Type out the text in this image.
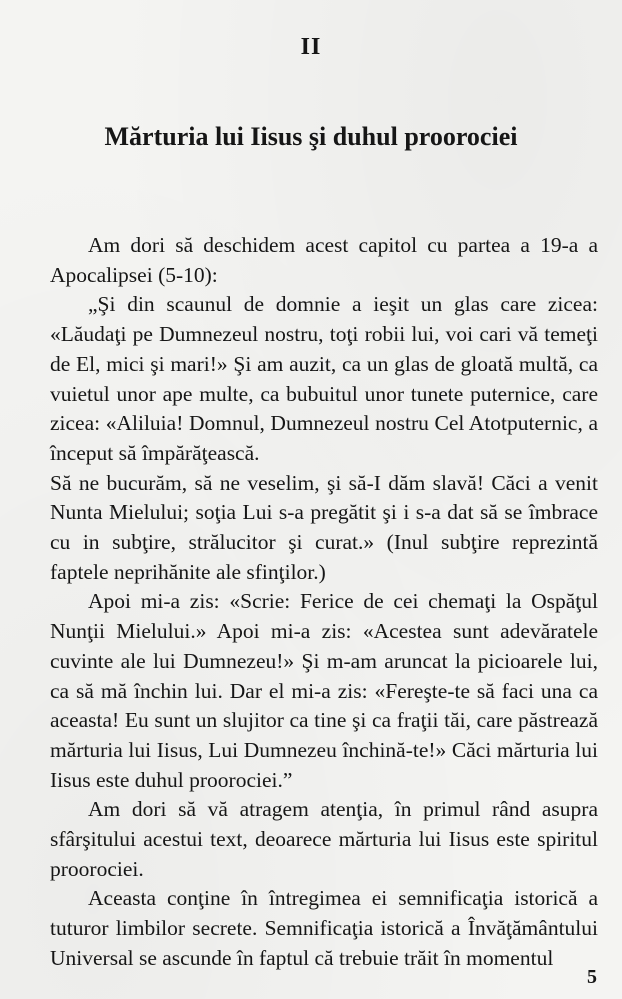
II
Mărturia lui Iisus şi duhul proorociei

Am dori să deschidem acest capitol cu partea a 19-a a Apocalipsei (5-10):

„Şi din scaunul de domnie a ieşit un glas care zicea: «Lăudaţi pe Dumnezeul nostru, toţi robii lui, voi cari vă temeţi de El, mici şi mari!» Şi am auzit, ca un glas de gloată multă, ca vuietul unor ape multe, ca bubuitul unor tunete puternice, care zicea: «Aliluia! Domnul, Dumnezeul nostru Cel Atotputernic, a început să împărăţească.

Să ne bucurăm, să ne veselim, şi să-I dăm slavă! Căci a venit Nunta Mielului; soţia Lui s-a pregătit şi i s-a dat să se îmbrace cu in subţire, strălucitor şi curat.» (Inul subţire reprezintă faptele neprihănite ale sfinţilor.)

Apoi mi-a zis: «Scrie: Ferice de cei chemaţi la Ospăţul Nunţii Mielului.» Apoi mi-a zis: «Acestea sunt adevăratele cuvinte ale lui Dumnezeu!» Şi m-am aruncat la picioarele lui, ca să mă închin lui. Dar el mi-a zis: «Fereşte-te să faci una ca aceasta! Eu sunt un slujitor ca tine şi ca fraţii tăi, care păstrează mărturia lui Iisus, Lui Dumnezeu închină-te!» Căci mărturia lui Iisus este duhul proorociei.”

Am dori să vă atragem atenţia, în primul rând asupra sfârşitului acestui text, deoarece mărturia lui Iisus este spiritul proorociei.

Aceasta conţine în întregimea ei semnificaţia istorică a tuturor limbilor secrete. Semnificaţia istorică a Învăţământului Universal se ascunde în faptul că trebuie trăit în momentul

5
